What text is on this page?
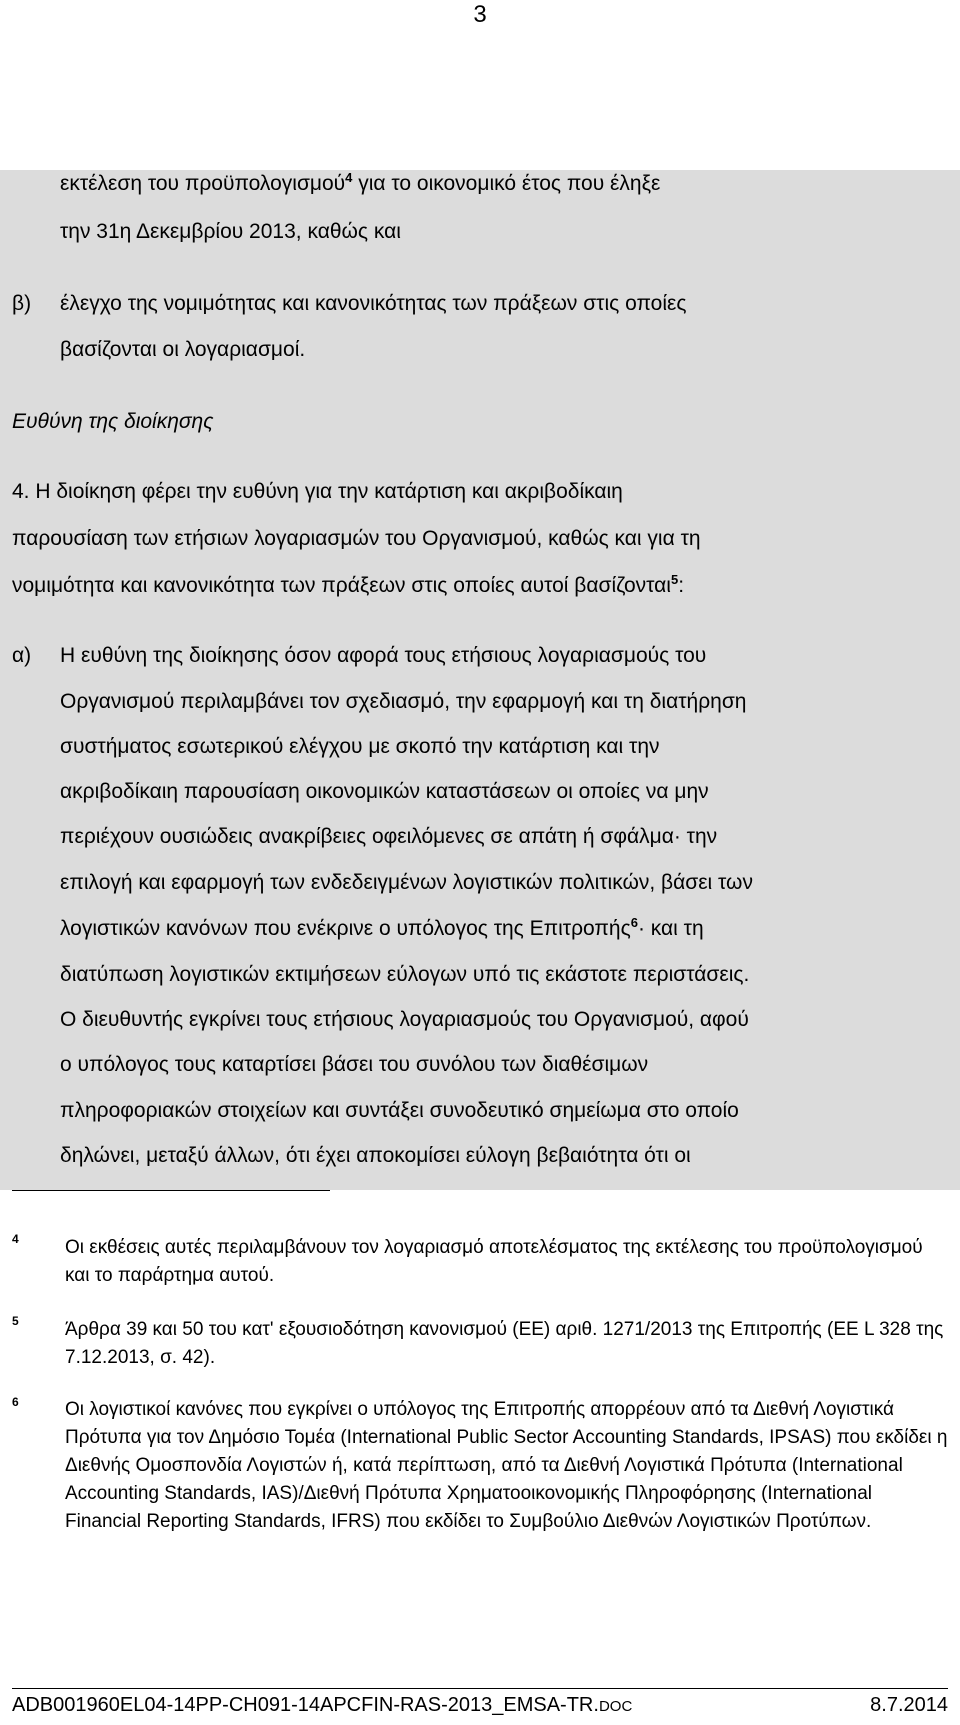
3
εκτέλεση του προϋπολογισμού$^4$ για το οικονομικό έτος που έληξε
την 31η Δεκεμβρίου 2013, καθώς και
β) έλεγχο της νομιμότητας και κανονικότητας των πράξεων στις οποίες
βασίζονται οι λογαριασμοί.
Ευθύνη της διοίκησης
4. Η διοίκηση φέρει την ευθύνη για την κατάρτιση και ακριβοδίκαιη
παρουσίαση των ετήσιων λογαριασμών του Οργανισμού, καθώς και για τη
νομιμότητα και κανονικότητα των πράξεων στις οποίες αυτοί βασίζονται$^5$:
α) Η ευθύνη της διοίκησης όσον αφορά τους ετήσιους λογαριασμούς του
Οργανισμού περιλαμβάνει τον σχεδιασμό, την εφαρμογή και τη διατήρηση
συστήματος εσωτερικού ελέγχου με σκοπό την κατάρτιση και την
ακριβοδίκαιη παρουσίαση οικονομικών καταστάσεων οι οποίες να μην
περιέχουν ουσιώδεις ανακρίβειες οφειλόμενες σε απάτη ή σφάλμα· την
επιλογή και εφαρμογή των ενδεδειγμένων λογιστικών πολιτικών, βάσει των
λογιστικών κανόνων που ενέκρινε ο υπόλογος της Επιτροπής$^6$· και τη
διατύπωση λογιστικών εκτιμήσεων εύλογων υπό τις εκάστοτε περιστάσεις.
Ο διευθυντής εγκρίνει τους ετήσιους λογαριασμούς του Οργανισμού, αφού
ο υπόλογος τους καταρτίσει βάσει του συνόλου των διαθέσιμων
πληροφοριακών στοιχείων και συντάξει συνοδευτικό σημείωμα στο οποίο
δηλώνει, μεταξύ άλλων, ότι έχει αποκομίσει εύλογη βεβαιότητα ότι οι
4 Οι εκθέσεις αυτές περιλαμβάνουν τον λογαριασμό αποτελέσματος της εκτέλεσης του προϋπολογισμού και το παράρτημα αυτού.
5 Άρθρα 39 και 50 του κατ' εξουσιοδότηση κανονισμού (ΕΕ) αριθ. 1271/2013 της Επιτροπής (ΕΕ L 328 της 7.12.2013, σ. 42).
6 Οι λογιστικοί κανόνες που εγκρίνει ο υπόλογος της Επιτροπής απορρέουν από τα Διεθνή Λογιστικά Πρότυπα για τον Δημόσιο Τομέα (International Public Sector Accounting Standards, IPSAS) που εκδίδει η Διεθνής Ομοσπονδία Λογιστών ή, κατά περίπτωση, από τα Διεθνή Λογιστικά Πρότυπα (International Accounting Standards, IAS)/Διεθνή Πρότυπα Χρηματοοικονομικής Πληροφόρησης (International Financial Reporting Standards, IFRS) που εκδίδει το Συμβούλιο Διεθνών Λογιστικών Προτύπων.
ADB001960EL04-14PP-CH091-14APCFIN-RAS-2013_EMSA-TR.DOC	8.7.2014
